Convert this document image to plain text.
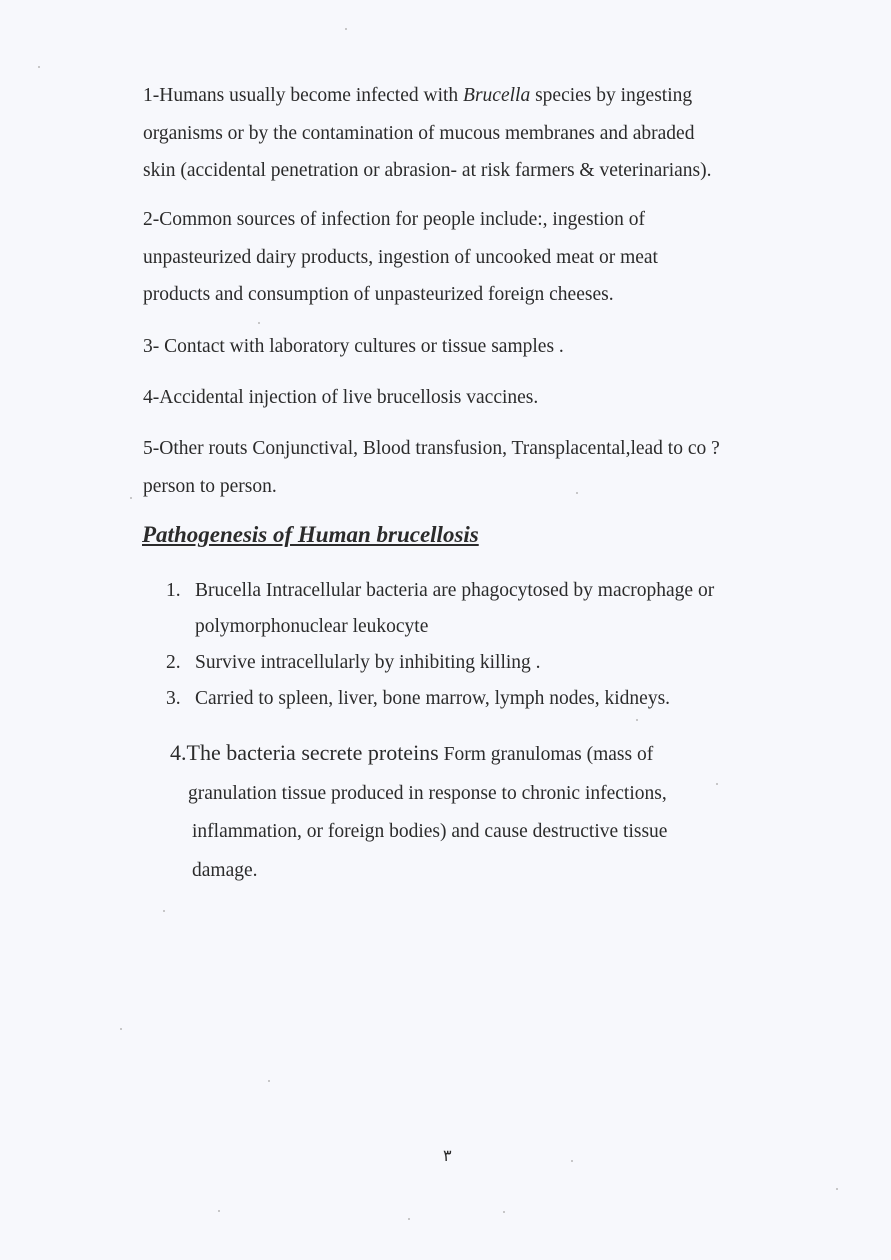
1-Humans usually become infected with Brucella species by ingesting
organisms or by the contamination of mucous membranes and abraded
skin (accidental penetration or abrasion- at risk farmers & veterinarians).

2-Common sources of infection for people include:, ingestion of
unpasteurized dairy products, ingestion of uncooked meat or meat
products and consumption of unpasteurized foreign cheeses.

3- Contact with laboratory cultures or tissue samples .

4-Accidental injection of live brucellosis vaccines.

5-Other routs Conjunctival, Blood transfusion, Transplacental,lead to co ?
person to person.

Pathogenesis of Human brucellosis
1. Brucella Intracellular bacteria are phagocytosed by macrophage or
polymorphonuclear leukocyte
2. Survive intracellularly by inhibiting killing .
3. Carried to spleen, liver, bone marrow, lymph nodes, kidneys.
4.The bacteria secrete proteins Form granulomas (mass of
granulation tissue produced in response to chronic infections,
inflammation, or foreign bodies) and cause destructive tissue
damage.
٣
